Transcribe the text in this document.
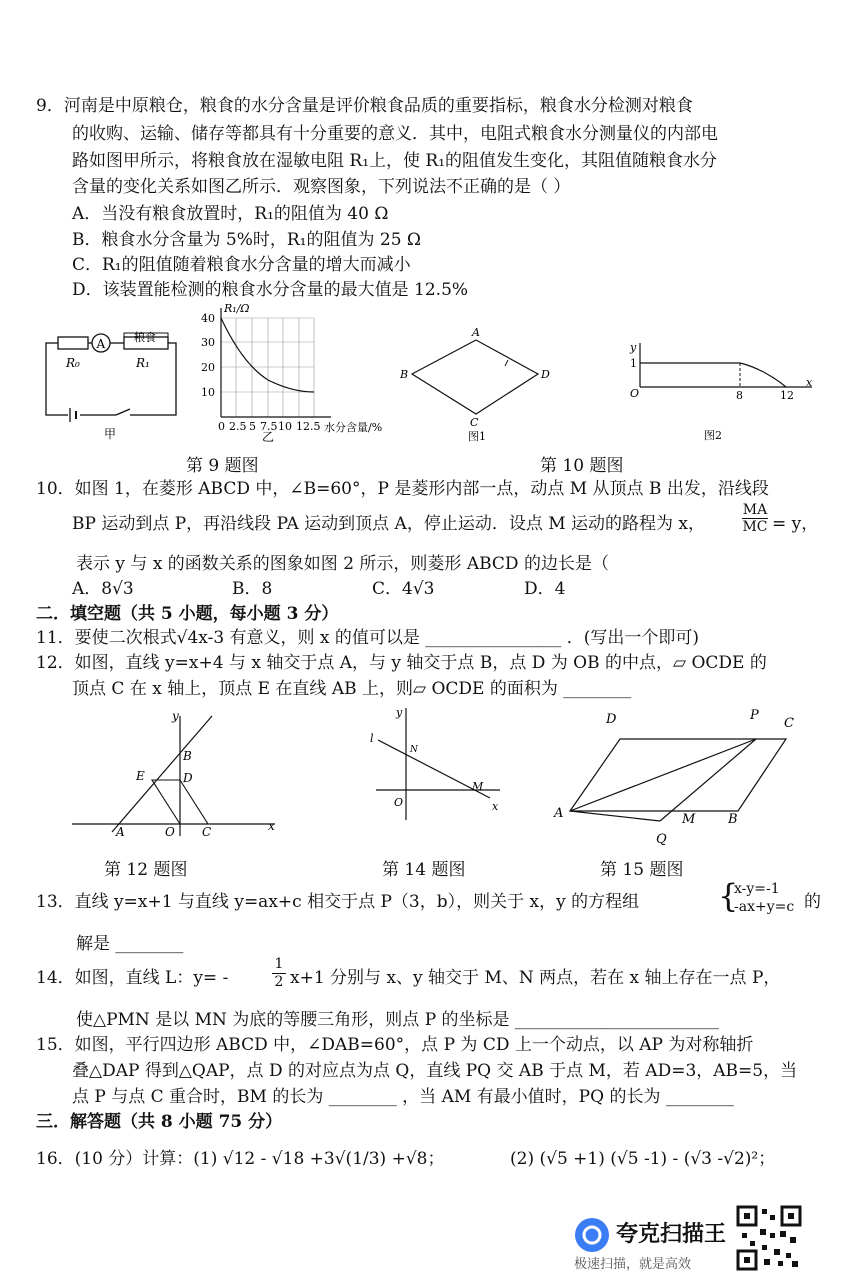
9．河南是中原粮仓，粮食的水分含量是评价粮食品质的重要指标，粮食水分检测对粮食
的收购、运输、储存等都具有十分重要的意义．其中，电阻式粮食水分测量仪的内部电
路如图甲所示，将粮食放在湿敏电阻 R₁上，使 R₁的阻值发生变化，其阻值随粮食水分
含量的变化关系如图乙所示．观察图象，下列说法不正确的是（ ）
A．当没有粮食放置时，R₁的阻值为 40 Ω
B．粮食水分含量为 5%时，R₁的阻值为 25 Ω
C．R₁的阻值随着粮食水分含量的增大而减小
D．该装置能检测的粮食水分含量的最大值是 12.5%
A	粮食
R₀	R₁
甲
R₁/Ω
40
30
20
10
0 2.5 5 7.5 10 12.5 水分含量/%
乙
A
B
C
D
图1
y
x
O
1
8	12
图2
第 9 题图	第 10 题图
10．如图 1，在菱形 ABCD 中，∠B=60°，P 是菱形内部一点，动点 M 从顶点 B 出发，沿线段
BP 运动到点 P，再沿线段 PA 运动到顶点 A，停止运动．设点 M 运动的路程为 x，	$\frac{MA}{MC} = y$，
表示 y 与 x 的函数关系的图象如图 2 所示，则菱形 ABCD 的边长是（
A．8√3	B．8	C．4√3	D．4
二．填空题（共 5 小题，每小题 3 分）
11．要使二次根式√4x-3 有意义，则 x 的值可以是 ________________ ．(写出一个即可)
12．如图，直线 y=x+4 与 x 轴交于点 A，与 y 轴交于点 B，点 D 为 OB 的中点，▱ OCDE 的
顶点 C 在 x 轴上，顶点 E 在直线 AB 上，则▱ OCDE 的面积为 ________
y
x
A
B
C
D
E
O
y
x
l
N
M
O
D	P
C
A	M	B
Q
第 12 题图	第 14 题图	第 15 题图
13．直线 y=x+1 与直线 y=ax+c 相交于点 P（3，b），则关于 x，y 的方程组 {
x-y=-1
-ax+y=c 的
解是 ________
14．如图，直线 L：y= -	$\frac{1}{2} x+1$ 分别与 x、y 轴交于 M、N 两点，若在 x 轴上存在一点 P，
使△PMN 是以 MN 为底的等腰三角形，则点 P 的坐标是 ________________________
15．如图，平行四边形 ABCD 中，∠DAB=60°，点 P 为 CD 上一个动点，以 AP 为对称轴折
叠△DAP 得到△QAP，点 D 的对应点为点 Q，直线 PQ 交 AB 于点 M，若 AD=3，AB=5，当
点 P 与点 C 重合时，BM 的长为 ________ ，当 AM 有最小值时，PQ 的长为 ________
三．解答题（共 8 小题 75 分）
16．(10 分）计算：(1) √12 - √18 +3√(1/3) +√8；	(2) (√5 +1) (√5 -1) - (√3 -√2)²；
夸克扫描王
极速扫描，就是高效
